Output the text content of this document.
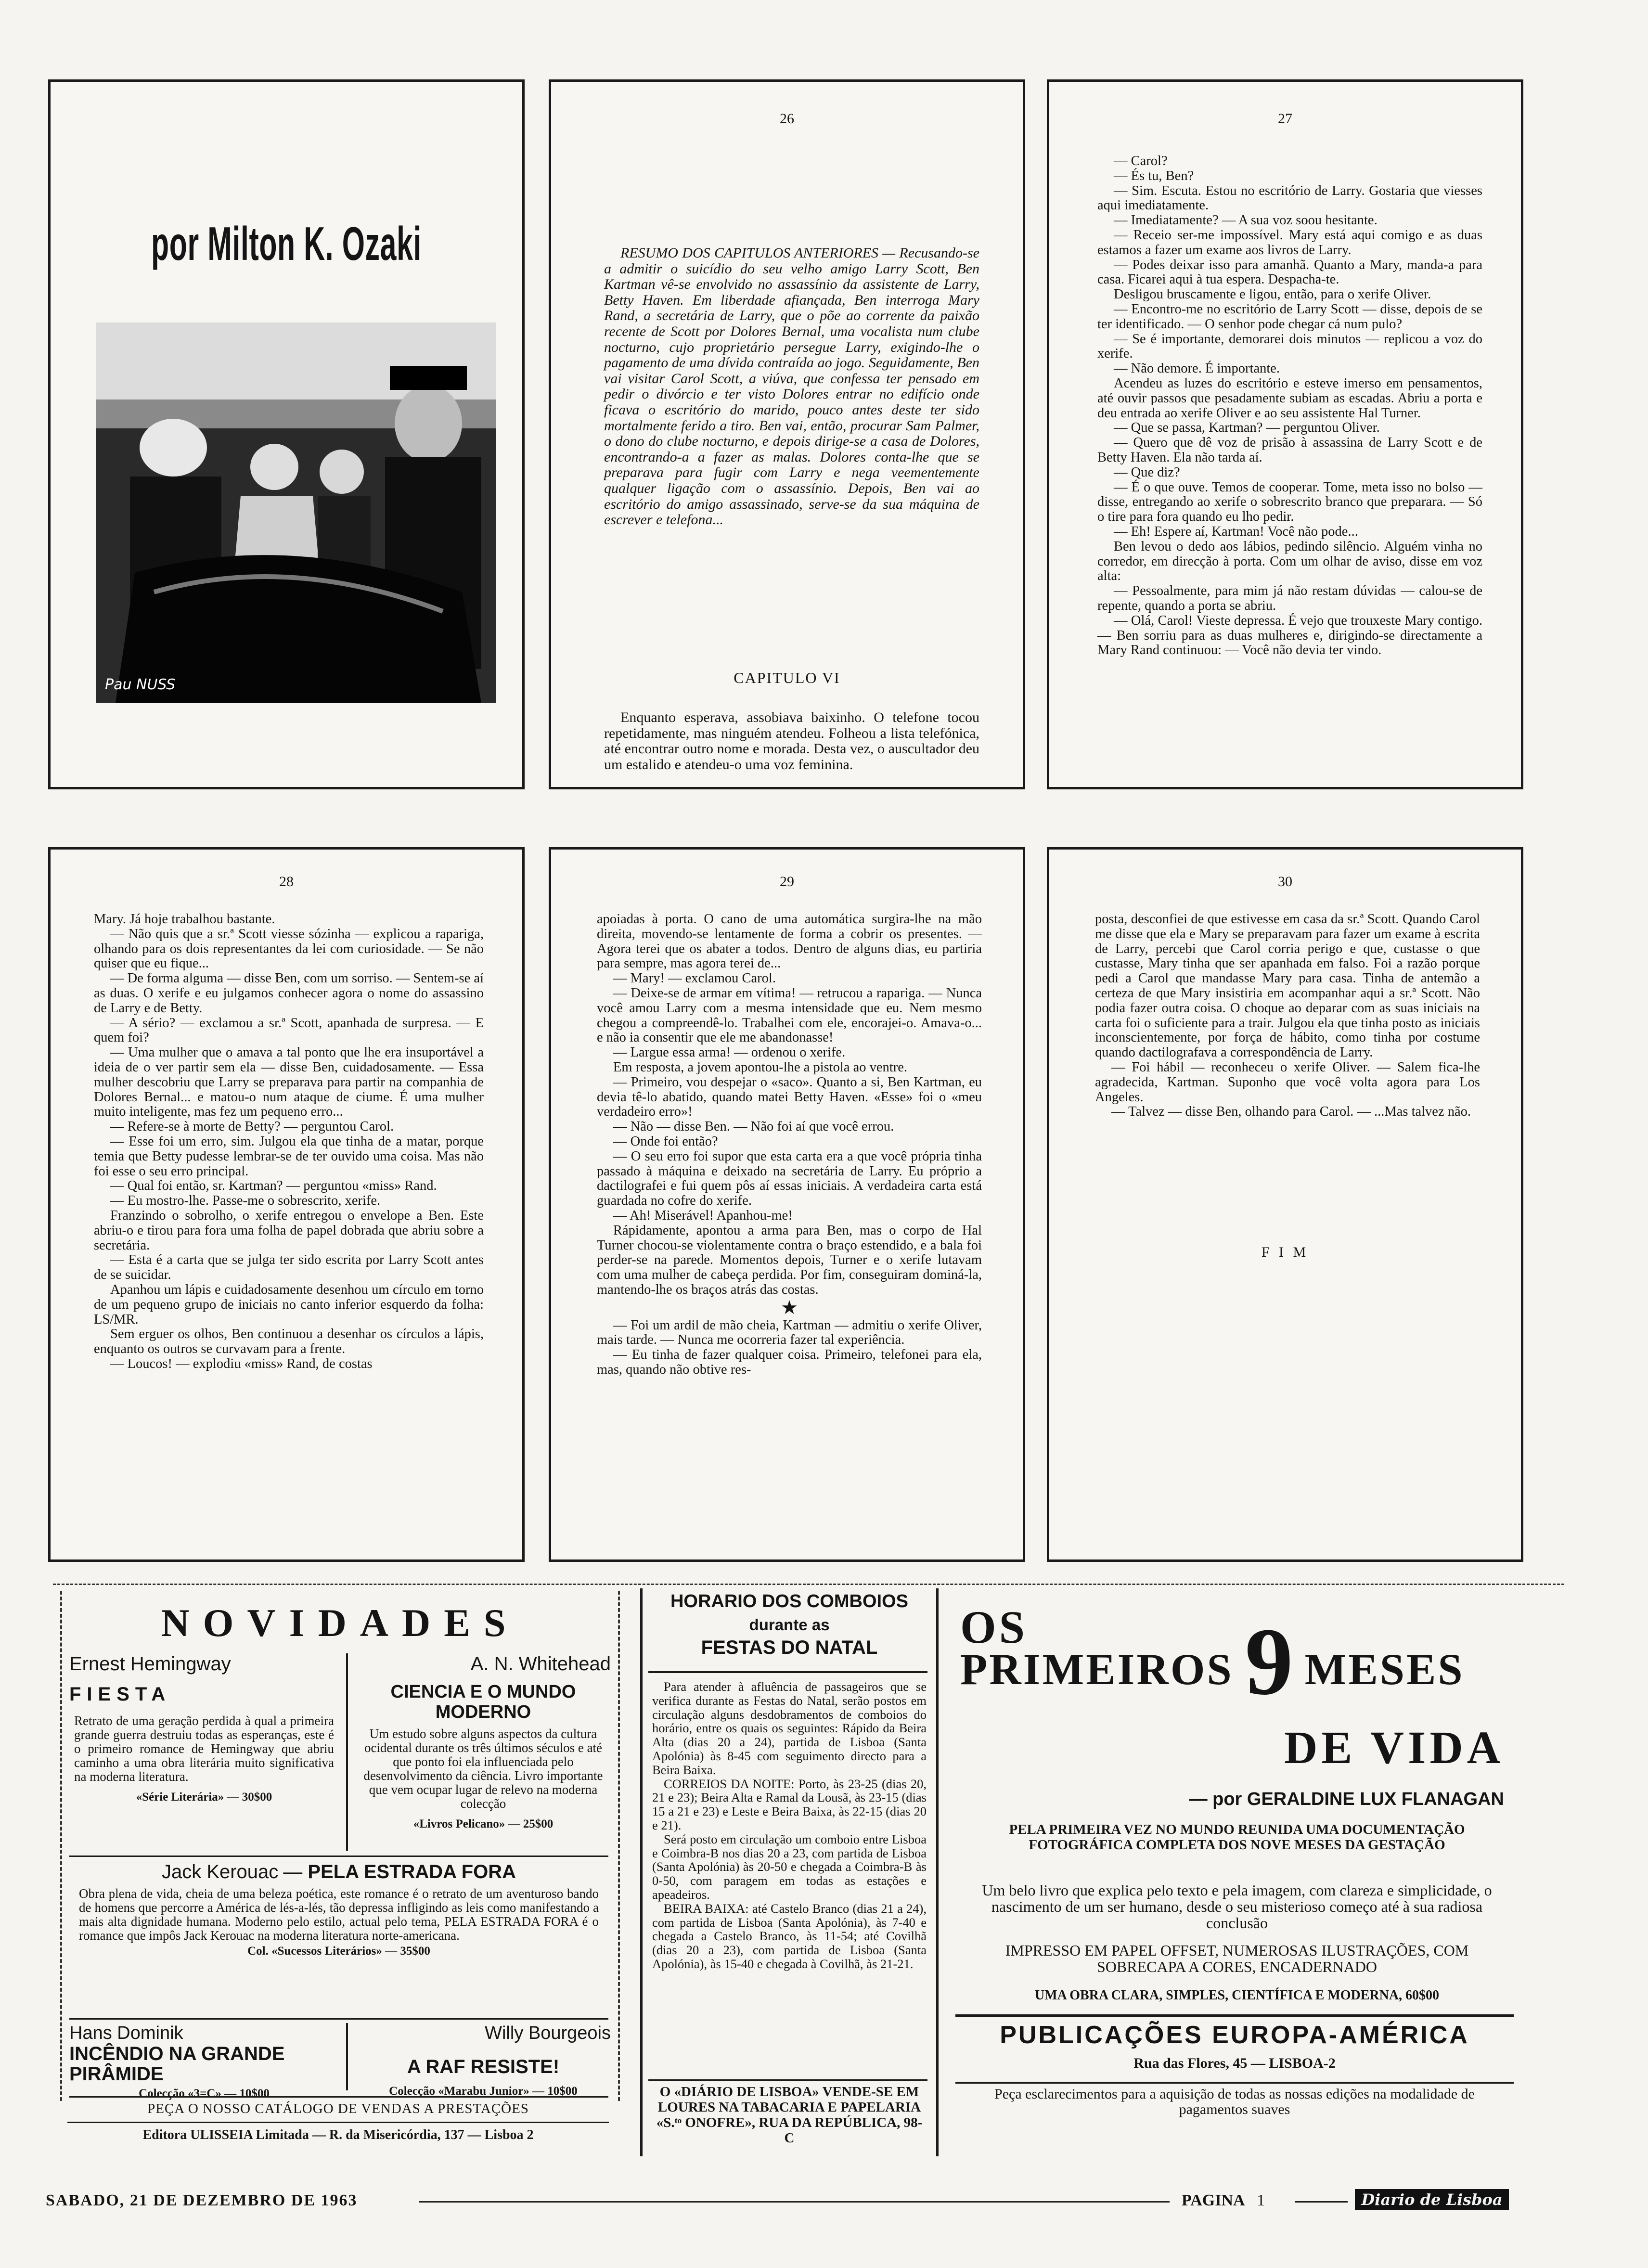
por Milton K. Ozaki
Pau NUSS
26

RESUMO DOS CAPITULOS ANTERIORES — Recusando-se a admitir o suicídio do seu velho amigo Larry Scott, Ben Kartman vê-se envolvido no assassínio da assistente de Larry, Betty Haven. Em liberdade afiançada, Ben interroga Mary Rand, a secretária de Larry, que o põe ao corrente da paixão recente de Scott por Dolores Bernal, uma vocalista num clube nocturno, cujo proprietário persegue Larry, exigindo-lhe o pagamento de uma dívida contraída ao jogo. Seguidamente, Ben vai visitar Carol Scott, a viúva, que confessa ter pensado em pedir o divórcio e ter visto Dolores entrar no edifício onde ficava o escritório do marido, pouco antes deste ter sido mortalmente ferido a tiro. Ben vai, então, procurar Sam Palmer, o dono do clube nocturno, e depois dirige-se a casa de Dolores, encontrando-a a fazer as malas. Dolores conta-lhe que se preparava para fugir com Larry e nega veementemente qualquer ligação com o assassínio. Depois, Ben vai ao escritório do amigo assassinado, serve-se da sua máquina de escrever e telefona...

CAPITULO VI

Enquanto esperava, assobiava baixinho. O telefone tocou repetidamente, mas ninguém atendeu. Folheou a lista telefónica, até encontrar outro nome e morada. Desta vez, o auscultador deu um estalido e atendeu-o uma voz feminina.

27

— Carol?

— És tu, Ben?

— Sim. Escuta. Estou no escritório de Larry. Gostaria que viesses aqui imediatamente.

— Imediatamente? — A sua voz soou hesitante.

— Receio ser-me impossível. Mary está aqui comigo e as duas estamos a fazer um exame aos livros de Larry.

— Podes deixar isso para amanhã. Quanto a Mary, manda-a para casa. Ficarei aqui à tua espera. Despacha-te.

Desligou bruscamente e ligou, então, para o xerife Oliver.

— Encontro-me no escritório de Larry Scott — disse, depois de se ter identificado. — O senhor pode chegar cá num pulo?

— Se é importante, demorarei dois minutos — replicou a voz do xerife.

— Não demore. É importante.

Acendeu as luzes do escritório e esteve imerso em pensamentos, até ouvir passos que pesadamente subiam as escadas. Abriu a porta e deu entrada ao xerife Oliver e ao seu assistente Hal Turner.

— Que se passa, Kartman? — perguntou Oliver.

— Quero que dê voz de prisão à assassina de Larry Scott e de Betty Haven. Ela não tarda aí.

— Que diz?

— É o que ouve. Temos de cooperar. Tome, meta isso no bolso — disse, entregando ao xerife o sobrescrito branco que preparara. — Só o tire para fora quando eu lho pedir.

— Eh! Espere aí, Kartman! Você não pode...

Ben levou o dedo aos lábios, pedindo silêncio. Alguém vinha no corredor, em direcção à porta. Com um olhar de aviso, disse em voz alta:

— Pessoalmente, para mim já não restam dúvidas — calou-se de repente, quando a porta se abriu.

— Olá, Carol! Vieste depressa. É vejo que trouxeste Mary contigo. — Ben sorriu para as duas mulheres e, dirigindo-se directamente a Mary Rand continuou: — Você não devia ter vindo.

28

Mary. Já hoje trabalhou bastante.

— Não quis que a sr.ª Scott viesse sózinha — explicou a rapariga, olhando para os dois representantes da lei com curiosidade. — Se não quiser que eu fique...

— De forma alguma — disse Ben, com um sorriso. — Sentem-se aí as duas. O xerife e eu julgamos conhecer agora o nome do assassino de Larry e de Betty.

— A sério? — exclamou a sr.ª Scott, apanhada de surpresa. — E quem foi?

— Uma mulher que o amava a tal ponto que lhe era insuportável a ideia de o ver partir sem ela — disse Ben, cuidadosamente. — Essa mulher descobriu que Larry se preparava para partir na companhia de Dolores Bernal... e matou-o num ataque de ciume. É uma mulher muito inteligente, mas fez um pequeno erro...

— Refere-se à morte de Betty? — perguntou Carol.

— Esse foi um erro, sim. Julgou ela que tinha de a matar, porque temia que Betty pudesse lembrar-se de ter ouvido uma coisa. Mas não foi esse o seu erro principal.

— Qual foi então, sr. Kartman? — perguntou «miss» Rand.

— Eu mostro-lhe. Passe-me o sobrescrito, xerife.

Franzindo o sobrolho, o xerife entregou o envelope a Ben. Este abriu-o e tirou para fora uma folha de papel dobrada que abriu sobre a secretária.

— Esta é a carta que se julga ter sido escrita por Larry Scott antes de se suicidar.

Apanhou um lápis e cuidadosamente desenhou um círculo em torno de um pequeno grupo de iniciais no canto inferior esquerdo da folha: LS/MR.

Sem erguer os olhos, Ben continuou a desenhar os círculos a lápis, enquanto os outros se curvavam para a frente.

— Loucos! — explodiu «miss» Rand, de costas

29

apoiadas à porta. O cano de uma automática surgira-lhe na mão direita, movendo-se lentamente de forma a cobrir os presentes. — Agora terei que os abater a todos. Dentro de alguns dias, eu partiria para sempre, mas agora terei de...

— Mary! — exclamou Carol.

— Deixe-se de armar em vítima! — retrucou a rapariga. — Nunca você amou Larry com a mesma intensidade que eu. Nem mesmo chegou a compreendê-lo. Trabalhei com ele, encorajei-o. Amava-o... e não ia consentir que ele me abandonasse!

— Largue essa arma! — ordenou o xerife.

Em resposta, a jovem apontou-lhe a pistola ao ventre.

— Primeiro, vou despejar o «saco». Quanto a si, Ben Kartman, eu devia tê-lo abatido, quando matei Betty Haven. «Esse» foi o «meu verdadeiro erro»!

— Não — disse Ben. — Não foi aí que você errou.

— Onde foi então?

— O seu erro foi supor que esta carta era a que você própria tinha passado à máquina e deixado na secretária de Larry. Eu próprio a dactilografei e fui quem pôs aí essas iniciais. A verdadeira carta está guardada no cofre do xerife.

— Ah! Miserável! Apanhou-me!

Rápidamente, apontou a arma para Ben, mas o corpo de Hal Turner chocou-se violentamente contra o braço estendido, e a bala foi perder-se na parede. Momentos depois, Turner e o xerife lutavam com uma mulher de cabeça perdida. Por fim, conseguiram dominá-la, mantendo-lhe os braços atrás das costas.

★

— Foi um ardil de mão cheia, Kartman — admitiu o xerife Oliver, mais tarde. — Nunca me ocorreria fazer tal experiência.

— Eu tinha de fazer qualquer coisa. Primeiro, telefonei para ela, mas, quando não obtive res-

30

posta, desconfiei de que estivesse em casa da sr.ª Scott. Quando Carol me disse que ela e Mary se preparavam para fazer um exame à escrita de Larry, percebi que Carol corria perigo e que, custasse o que custasse, Mary tinha que ser apanhada em falso. Foi a razão porque pedi a Carol que mandasse Mary para casa. Tinha de antemão a certeza de que Mary insistiria em acompanhar aqui a sr.ª Scott. Não podia fazer outra coisa. O choque ao deparar com as suas iniciais na carta foi o suficiente para a trair. Julgou ela que tinha posto as iniciais inconscientemente, por força de hábito, como tinha por costume quando dactilografava a correspondência de Larry.

— Foi hábil — reconheceu o xerife Oliver. — Salem fica-lhe agradecida, Kartman. Suponho que você volta agora para Los Angeles.

— Talvez — disse Ben, olhando para Carol. — ...Mas talvez não.

F I M
NOVIDADES
Ernest Hemingway
FIESTA
Retrato de uma geração perdida à qual a primeira grande guerra destruiu todas as esperanças, este é o primeiro romance de Hemingway que abriu caminho a uma obra literária muito significativa na moderna literatura.
«Série Literária» — 30$00
A. N. Whitehead
CIENCIA E O MUNDO MODERNO
Um estudo sobre alguns aspectos da cultura ocidental durante os três últimos séculos e até que ponto foi ela influenciada pelo desenvolvimento da ciência. Livro importante que vem ocupar lugar de relevo na moderna colecção
«Livros Pelicano» — 25$00
Jack Kerouac — PELA ESTRADA FORA
Obra plena de vida, cheia de uma beleza poética, este romance é o retrato de um aventuroso bando de homens que percorre a América de lés-a-lés, tão depressa infligindo as leis como manifestando a mais alta dignidade humana. Moderno pelo estilo, actual pelo tema, PELA ESTRADA FORA é o romance que impôs Jack Kerouac na moderna literatura norte-americana.
Col. «Sucessos Literários» — 35$00
Hans Dominik
INCÊNDIO NA GRANDE PIRÂMIDE
Colecção «3=C» — 10$00
Willy Bourgeois
A RAF RESISTE!
Colecção «Marabu Junior» — 10$00
PEÇA O NOSSO CATÁLOGO DE VENDAS A PRESTAÇÕES
Editora ULISSEIA Limitada — R. da Misericórdia, 137 — Lisboa 2
HORARIO DOS COMBOIOS
durante as
FESTAS DO NATAL

Para atender à afluência de passageiros que se verifica durante as Festas do Natal, serão postos em circulação alguns desdobramentos de comboios do horário, entre os quais os seguintes: Rápido da Beira Alta (dias 20 a 24), partida de Lisboa (Santa Apolónia) às 8-45 com seguimento directo para a Beira Baixa.

CORREIOS DA NOITE: Porto, às 23-25 (dias 20, 21 e 23); Beira Alta e Ramal da Lousã, às 23-15 (dias 15 a 21 e 23) e Leste e Beira Baixa, às 22-15 (dias 20 e 21).

Será posto em circulação um comboio entre Lisboa e Coimbra-B nos dias 20 a 23, com partida de Lisboa (Santa Apolónia) às 20-50 e chegada a Coimbra-B às 0-50, com paragem em todas as estações e apeadeiros.

BEIRA BAIXA: até Castelo Branco (dias 21 a 24), com partida de Lisboa (Santa Apolónia), às 7-40 e chegada a Castelo Branco, às 11-54; até Covilhã (dias 20 a 23), com partida de Lisboa (Santa Apolónia), às 15-40 e chegada à Covilhã, às 21-21.

O «DIÁRIO DE LISBOA» VENDE-SE EM LOURES NA TABACARIA E PAPELARIA «S.ᵗᵒ ONOFRE», RUA DA REPÚBLICA, 98-C
OS
PRIMEIROS 9 MESES
DE VIDA
— por GERALDINE LUX FLANAGAN
PELA PRIMEIRA VEZ NO MUNDO REUNIDA UMA DOCUMENTAÇÃO FOTOGRÁFICA COMPLETA DOS NOVE MESES DA GESTAÇÃO
Um belo livro que explica pelo texto e pela imagem, com clareza e simplicidade, o nascimento de um ser humano, desde o seu misterioso começo até à sua radiosa conclusão
IMPRESSO EM PAPEL OFFSET, NUMEROSAS ILUSTRAÇÕES, COM SOBRECAPA A CORES, ENCADERNADO
UMA OBRA CLARA, SIMPLES, CIENTÍFICA E MODERNA, 60$00
PUBLICAÇÕES EUROPA-AMÉRICA
Rua das Flores, 45 — LISBOA-2
Peça esclarecimentos para a aquisição de todas as nossas edições na modalidade de pagamentos suaves
SABADO, 21 DE DEZEMBRO DE 1963	PAGINA 1	Diario de Lisboa
